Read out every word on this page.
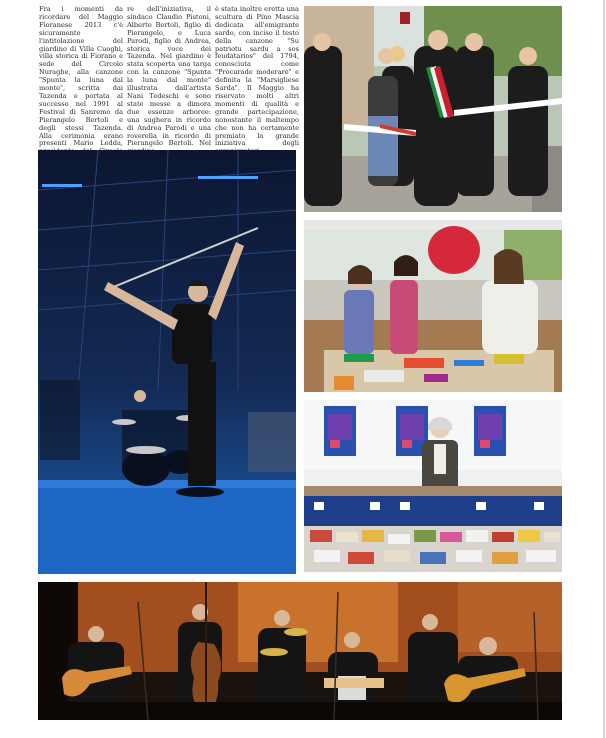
Fra i momenti da ricordare del Maggio Fioranese 2013 c'è sicuramente l'intitolazione del giardino di Villa Cuoghi, villa storica di Fiorano e sede del Circolo Nuraghe, alla canzone "Spunta la luna dal monte", scritta dai Tazenda e portata al successo nel 1991 al Festival di Sanremo da Pierangelo Bertoli e degli stessi Tazenda. Alla cerimonia erano presenti Mario Ledda,
re dell'iniziativa, il sindaco Claudio Pistoni, Alberto Bertoli, figlio di Pierangelo, e Luca Parodi, figlio di Andrea, storica voce dei Tazenda. Nel giardino è stata scoperta una targa con la canzone "Spunta la luna dal monte" illustrata dall'artista Nani Tedeschi e sono state messe a dimora due essenze arboree: una sughera in ricordo di Andrea Parodi e una roverella in ricordo di Pierangelo Bertoli. Nel
è stata inoltre eretta una scultura di Pino Mascia dedicata all'emigrante sardo, con inciso il testo della canzone "Su patriotu sardu a sos feudatarios" del 1794, conosciuta come "Procurade moderare" e definita la "Marsigliese Sarda". Il Maggio ha riservato molti altri momenti di qualità e grande partecipazione, nonostante il maltempo che non ha certamente premiato la grande iniziativa degli
